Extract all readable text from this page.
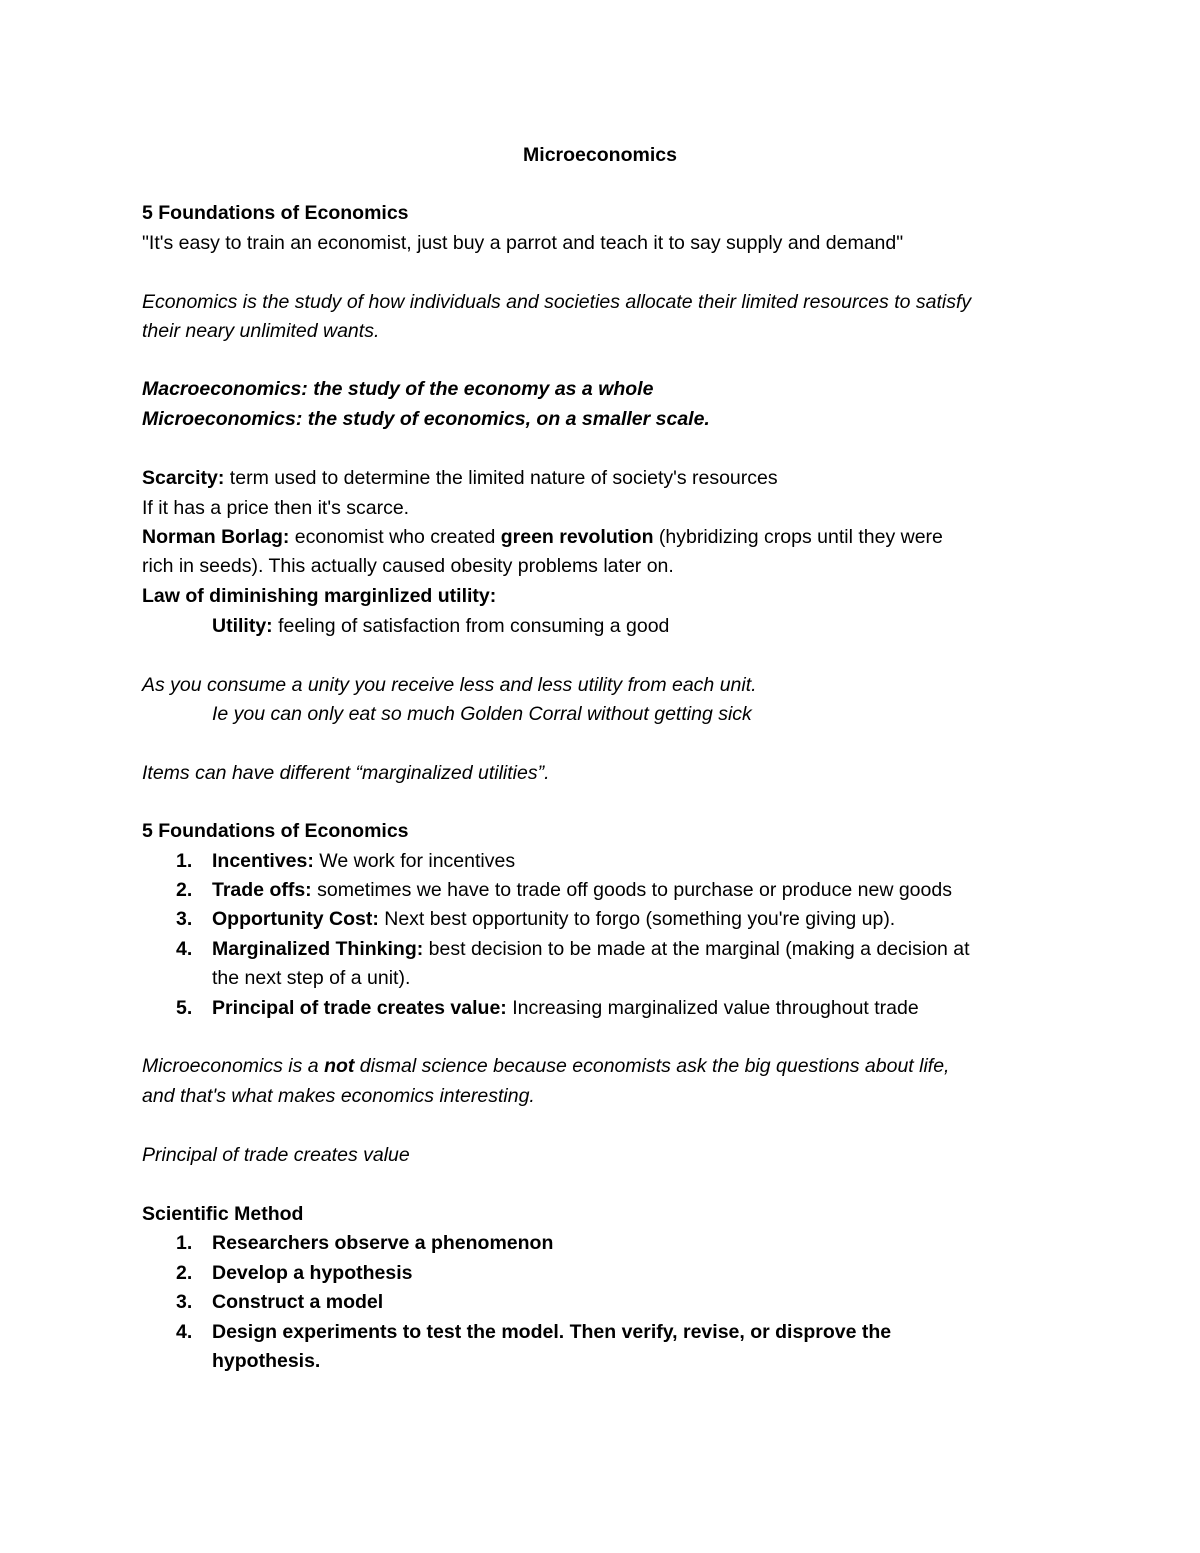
Microeconomics
5 Foundations of Economics
"It's easy to train an economist, just buy a parrot and teach it to say supply and demand"
Economics is the study of how individuals and societies allocate their limited resources to satisfy
their neary unlimited wants.
Macroeconomics: the study of the economy as a whole
Microeconomics: the study of economics, on a smaller scale.
Scarcity: term used to determine the limited nature of society's resources
If it has a price then it's scarce.
Norman Borlag: economist who created green revolution (hybridizing crops until they were
rich in seeds). This actually caused obesity problems later on.
Law of diminishing marginlized utility:
Utility: feeling of satisfaction from consuming a good
As you consume a unity you receive less and less utility from each unit.
Ie you can only eat so much Golden Corral without getting sick
Items can have different “marginalized utilities”.
5 Foundations of Economics
1. Incentives: We work for incentives
2. Trade offs: sometimes we have to trade off goods to purchase or produce new goods
3. Opportunity Cost: Next best opportunity to forgo (something you're giving up).
4. Marginalized Thinking: best decision to be made at the marginal (making a decision at
the next step of a unit).
5. Principal of trade creates value: Increasing marginalized value throughout trade
Microeconomics is a not dismal science because economists ask the big questions about life,
and that's what makes economics interesting.
Principal of trade creates value
Scientific Method
1. Researchers observe a phenomenon
2. Develop a hypothesis
3. Construct a model
4. Design experiments to test the model. Then verify, revise, or disprove the
hypothesis.
